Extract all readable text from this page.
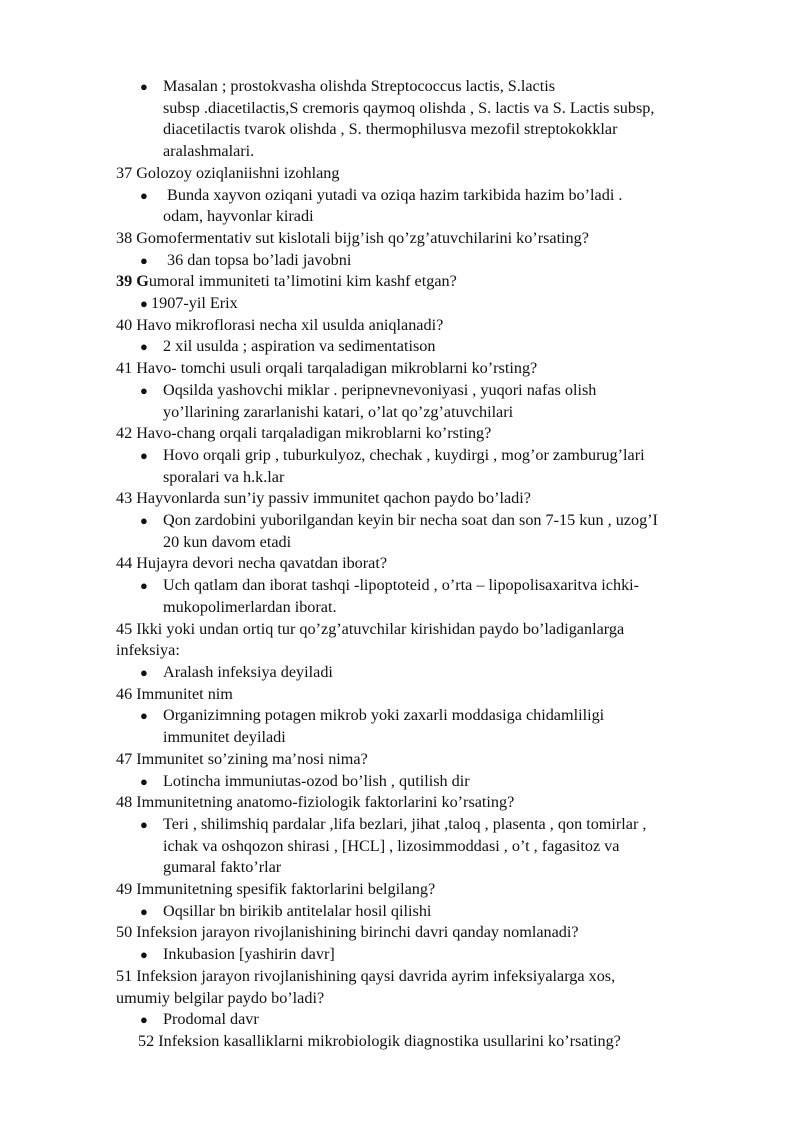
● Masalan ; prostokvasha olishda Streptococcus lactis, S.lactis
subsp .diacetilactis,S cremoris qaymoq olishda , S. lactis va S. Lactis subsp,
diacetilactis tvarok olishda , S. thermophilusva mezofil streptokokklar
aralashmalari.

37 Golozoy oziqlaniishni izohlang

● Bunda xayvon oziqani yutadi va oziqa hazim tarkibida hazim bo’ladi .
odam, hayvonlar kiradi

38 Gomofermentativ sut kislotali bijg’ish qo’zg’atuvchilarini ko’rsating?

● 36 dan topsa bo’ladi javobni

39 Gumoral immuniteti ta’limotini kim kashf etgan?

● 1907-yil Erix

40 Havo mikroflorasi necha xil usulda aniqlanadi?

● 2 xil usulda ; aspiration va sedimentatison

41 Havo- tomchi usuli orqali tarqaladigan mikroblarni ko’rsting?

● Oqsilda yashovchi miklar . peripnevnevoniyasi , yuqori nafas olish
yo’llarining zararlanishi katari, o’lat qo’zg’atuvchilari

42 Havo-chang orqali tarqaladigan mikroblarni ko’rsting?

● Hovo orqali grip , tuburkulyoz, chechak , kuydirgi , mog’or zamburug’lari
sporalari va h.k.lar

43 Hayvonlarda sun’iy passiv immunitet qachon paydo bo’ladi?

● Qon zardobini yuborilgandan keyin bir necha soat dan son 7-15 kun , uzog’I
20 kun davom etadi

44 Hujayra devori necha qavatdan iborat?

● Uch qatlam dan iborat tashqi -lipoptoteid , o’rta – lipopolisaxaritva ichki-
mukopolimerlardan iborat.

45 Ikki yoki undan ortiq tur qo’zg’atuvchilar kirishidan paydo bo’ladiganlarga
infeksiya:

● Aralash infeksiya deyiladi

46 Immunitet nim

● Organizimning potagen mikrob yoki zaxarli moddasiga chidamliligi
immunitet deyiladi

47 Immunitet so’zining ma’nosi nima?

● Lotincha immuniutas-ozod bo’lish , qutilish dir

48 Immunitetning anatomo-fiziologik faktorlarini ko’rsating?

● Teri , shilimshiq pardalar ,lifa bezlari, jihat ,taloq , plasenta , qon tomirlar ,
ichak va oshqozon shirasi , [HCL] , lizosimmoddasi , o’t , fagasitoz va
gumaral fakto’rlar

49 Immunitetning spesifik faktorlarini belgilang?

● Oqsillar bn birikib antitelalar hosil qilishi

50 Infeksion jarayon rivojlanishining birinchi davri qanday nomlanadi?

● Inkubasion [yashirin davr]

51 Infeksion jarayon rivojlanishining qaysi davrida ayrim infeksiyalarga xos,
umumiy belgilar paydo bo’ladi?

● Prodomal davr

52 Infeksion kasalliklarni mikrobiologik diagnostika usullarini ko’rsating?
